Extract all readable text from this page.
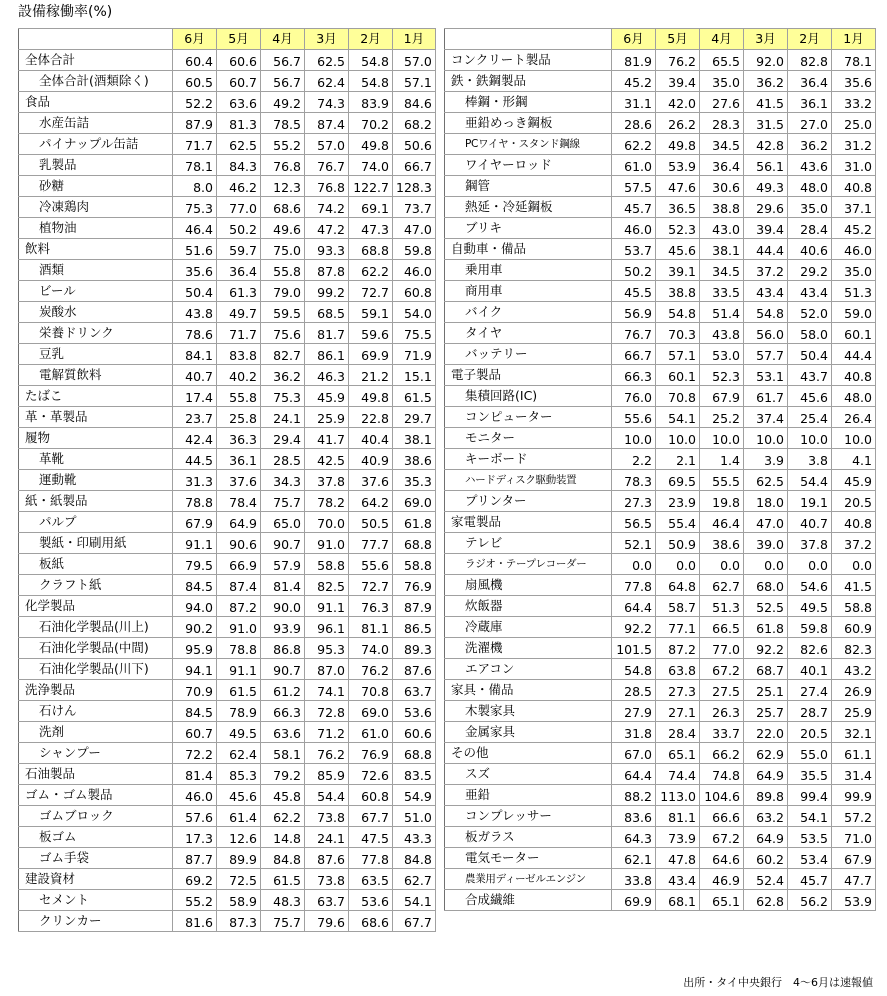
設備稼働率(%)
	6月	5月	4月	3月	2月	1月
全体合計	60.4	60.6	56.7	62.5	54.8	57.0
全体合計(酒類除く)	60.5	60.7	56.7	62.4	54.8	57.1
食品	52.2	63.6	49.2	74.3	83.9	84.6
水産缶詰	87.9	81.3	78.5	87.4	70.2	68.2
パイナップル缶詰	71.7	62.5	55.2	57.0	49.8	50.6
乳製品	78.1	84.3	76.8	76.7	74.0	66.7
砂糖	8.0	46.2	12.3	76.8	122.7	128.3
冷凍鶏肉	75.3	77.0	68.6	74.2	69.1	73.7
植物油	46.4	50.2	49.6	47.2	47.3	47.0
飲料	51.6	59.7	75.0	93.3	68.8	59.8
酒類	35.6	36.4	55.8	87.8	62.2	46.0
ビール	50.4	61.3	79.0	99.2	72.7	60.8
炭酸水	43.8	49.7	59.5	68.5	59.1	54.0
栄養ドリンク	78.6	71.7	75.6	81.7	59.6	75.5
豆乳	84.1	83.8	82.7	86.1	69.9	71.9
電解質飲料	40.7	40.2	36.2	46.3	21.2	15.1
たばこ	17.4	55.8	75.3	45.9	49.8	61.5
革・革製品	23.7	25.8	24.1	25.9	22.8	29.7
履物	42.4	36.3	29.4	41.7	40.4	38.1
革靴	44.5	36.1	28.5	42.5	40.9	38.6
運動靴	31.3	37.6	34.3	37.8	37.6	35.3
紙・紙製品	78.8	78.4	75.7	78.2	64.2	69.0
パルプ	67.9	64.9	65.0	70.0	50.5	61.8
製紙・印刷用紙	91.1	90.6	90.7	91.0	77.7	68.8
板紙	79.5	66.9	57.9	58.8	55.6	58.8
クラフト紙	84.5	87.4	81.4	82.5	72.7	76.9
化学製品	94.0	87.2	90.0	91.1	76.3	87.9
石油化学製品(川上)	90.2	91.0	93.9	96.1	81.1	86.5
石油化学製品(中間)	95.9	78.8	86.8	95.3	74.0	89.3
石油化学製品(川下)	94.1	91.1	90.7	87.0	76.2	87.6
洗浄製品	70.9	61.5	61.2	74.1	70.8	63.7
石けん	84.5	78.9	66.3	72.8	69.0	53.6
洗剤	60.7	49.5	63.6	71.2	61.0	60.6
シャンプー	72.2	62.4	58.1	76.2	76.9	68.8
石油製品	81.4	85.3	79.2	85.9	72.6	83.5
ゴム・ゴム製品	46.0	45.6	45.8	54.4	60.8	54.9
ゴムブロック	57.6	61.4	62.2	73.8	67.7	51.0
板ゴム	17.3	12.6	14.8	24.1	47.5	43.3
ゴム手袋	87.7	89.9	84.8	87.6	77.8	84.8
建設資材	69.2	72.5	61.5	73.8	63.5	62.7
セメント	55.2	58.9	48.3	63.7	53.6	54.1
クリンカー	81.6	87.3	75.7	79.6	68.6	67.7
	6月	5月	4月	3月	2月	1月
コンクリート製品	81.9	76.2	65.5	92.0	82.8	78.1
鉄・鉄鋼製品	45.2	39.4	35.0	36.2	36.4	35.6
棒鋼・形鋼	31.1	42.0	27.6	41.5	36.1	33.2
亜鉛めっき鋼板	28.6	26.2	28.3	31.5	27.0	25.0
PCワイヤ・スタンド鋼線	62.2	49.8	34.5	42.8	36.2	31.2
ワイヤーロッド	61.0	53.9	36.4	56.1	43.6	31.0
鋼管	57.5	47.6	30.6	49.3	48.0	40.8
熱延・冷延鋼板	45.7	36.5	38.8	29.6	35.0	37.1
ブリキ	46.0	52.3	43.0	39.4	28.4	45.2
自動車・備品	53.7	45.6	38.1	44.4	40.6	46.0
乗用車	50.2	39.1	34.5	37.2	29.2	35.0
商用車	45.5	38.8	33.5	43.4	43.4	51.3
バイク	56.9	54.8	51.4	54.8	52.0	59.0
タイヤ	76.7	70.3	43.8	56.0	58.0	60.1
バッテリー	66.7	57.1	53.0	57.7	50.4	44.4
電子製品	66.3	60.1	52.3	53.1	43.7	40.8
集積回路(IC)	76.0	70.8	67.9	61.7	45.6	48.0
コンピューター	55.6	54.1	25.2	37.4	25.4	26.4
モニター	10.0	10.0	10.0	10.0	10.0	10.0
キーボード	2.2	2.1	1.4	3.9	3.8	4.1
ハードディスク駆動装置	78.3	69.5	55.5	62.5	54.4	45.9
プリンター	27.3	23.9	19.8	18.0	19.1	20.5
家電製品	56.5	55.4	46.4	47.0	40.7	40.8
テレビ	52.1	50.9	38.6	39.0	37.8	37.2
ラジオ・テープレコーダー	0.0	0.0	0.0	0.0	0.0	0.0
扇風機	77.8	64.8	62.7	68.0	54.6	41.5
炊飯器	64.4	58.7	51.3	52.5	49.5	58.8
冷蔵庫	92.2	77.1	66.5	61.8	59.8	60.9
洗濯機	101.5	87.2	77.0	92.2	82.6	82.3
エアコン	54.8	63.8	67.2	68.7	40.1	43.2
家具・備品	28.5	27.3	27.5	25.1	27.4	26.9
木製家具	27.9	27.1	26.3	25.7	28.7	25.9
金属家具	31.8	28.4	33.7	22.0	20.5	32.1
その他	67.0	65.1	66.2	62.9	55.0	61.1
スズ	64.4	74.4	74.8	64.9	35.5	31.4
亜鉛	88.2	113.0	104.6	89.8	99.4	99.9
コンプレッサー	83.6	81.1	66.6	63.2	54.1	57.2
板ガラス	64.3	73.9	67.2	64.9	53.5	71.0
電気モーター	62.1	47.8	64.6	60.2	53.4	67.9
農業用ディーゼルエンジン	33.8	43.4	46.9	52.4	45.7	47.7
合成繊維	69.9	68.1	65.1	62.8	56.2	53.9
出所・タイ中央銀行　4～6月は速報値
